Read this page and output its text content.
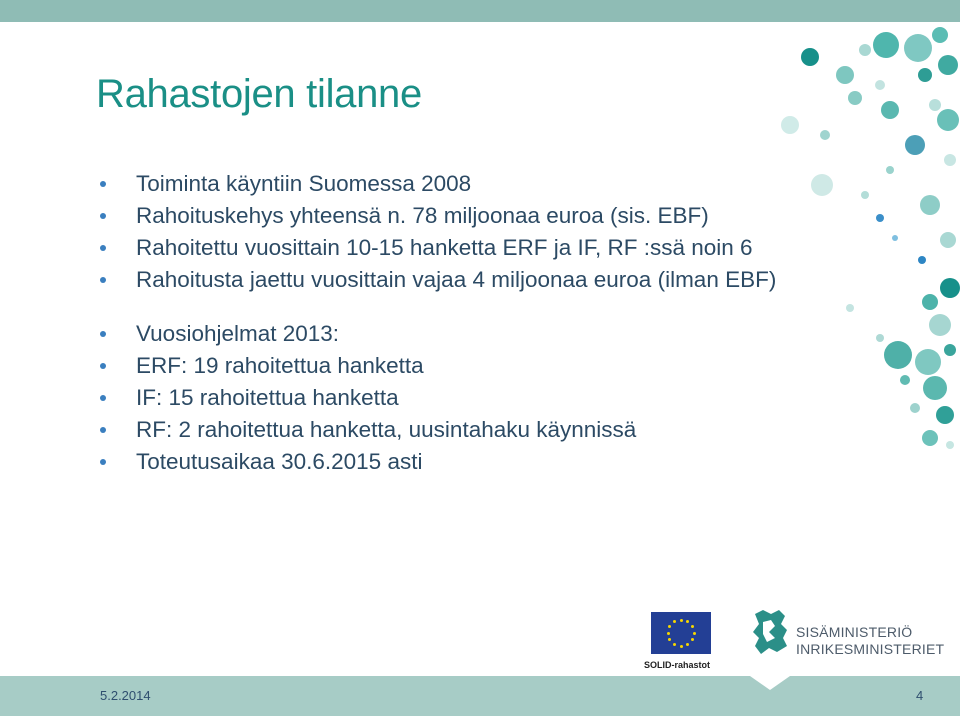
Rahastojen tilanne
Toiminta käyntiin Suomessa 2008
Rahoituskehys yhteensä n. 78 miljoonaa euroa (sis. EBF)
Rahoitettu vuosittain 10-15 hanketta ERF ja IF, RF :ssä noin 6
Rahoitusta jaettu vuosittain vajaa 4 miljoonaa euroa (ilman EBF)
Vuosiohjelmat 2013:
ERF: 19 rahoitettua hanketta
IF: 15 rahoitettua hanketta
RF: 2 rahoitettua hanketta, uusintahaku käynnissä
Toteutusaikaa 30.6.2015 asti
SOLID-rahastot
SISÄMINISTERIÖ
INRIKESMINISTERIET
5.2.2014	4
